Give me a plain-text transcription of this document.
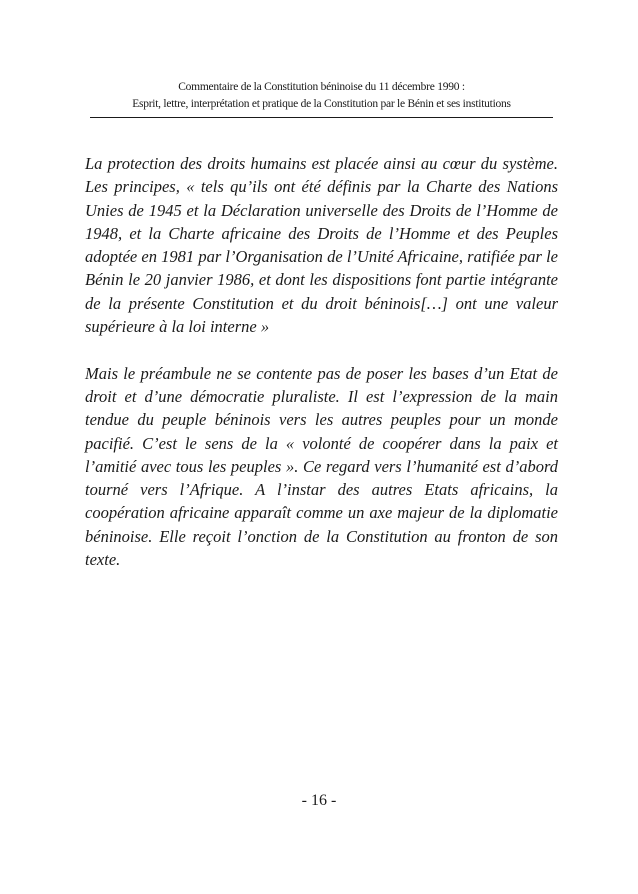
Commentaire de la Constitution béninoise du 11 décembre 1990 :
Esprit, lettre, interprétation et pratique de la Constitution par le Bénin et ses institutions

La protection des droits humains est placée ainsi au cœur du système. Les principes, « tels qu’ils ont été définis par la Charte des Nations Unies de 1945 et la Déclaration universelle des Droits de l’Homme de 1948, et la Charte africaine des Droits de l’Homme et des Peuples adoptée en 1981 par l’Organisation de l’Unité Africaine, ratifiée par le Bénin le 20 janvier 1986, et dont les dispositions font partie intégrante de la présente Constitution et du droit béninois[…] ont une valeur supérieure à la loi interne »

Mais le préambule ne se contente pas de poser les bases d’un Etat de droit et d’une démocratie pluraliste. Il est l’expression de la main tendue du peuple béninois vers les autres peuples pour un monde pacifié. C’est le sens de la « volonté de coopérer dans la paix et l’amitié avec tous les peuples ». Ce regard vers l’humanité est d’abord tourné vers l’Afrique. A l’instar des autres Etats africains, la coopération africaine apparaît comme un axe majeur de la diplomatie béninoise. Elle reçoit l’onction de la Constitution au fronton de son texte.

- 16 -
